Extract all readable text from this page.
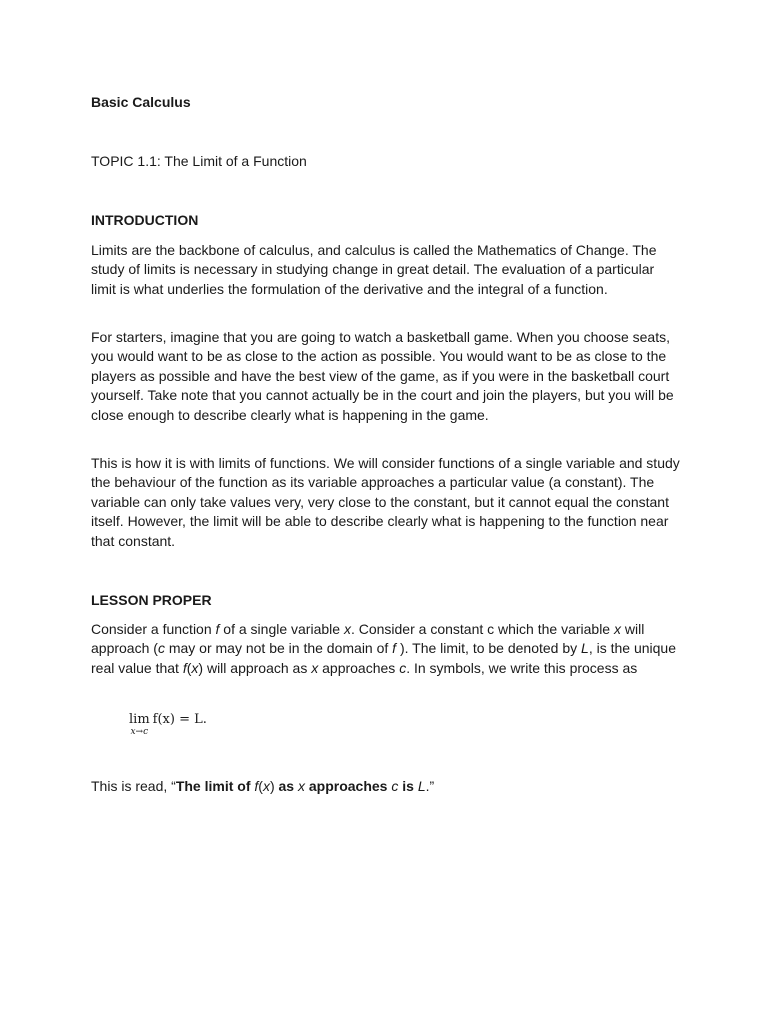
Basic Calculus

TOPIC 1.1: The Limit of a Function

INTRODUCTION

Limits are the backbone of calculus, and calculus is called the Mathematics of Change. The study of limits is necessary in studying change in great detail. The evaluation of a particular limit is what underlies the formulation of the derivative and the integral of a function.

For starters, imagine that you are going to watch a basketball game. When you choose seats, you would want to be as close to the action as possible. You would want to be as close to the players as possible and have the best view of the game, as if you were in the basketball court yourself. Take note that you cannot actually be in the court and join the players, but you will be close enough to describe clearly what is happening in the game.

This is how it is with limits of functions. We will consider functions of a single variable and study the behaviour of the function as its variable approaches a particular value (a constant). The variable can only take values very, very close to the constant, but it cannot equal the constant itself. However, the limit will be able to describe clearly what is happening to the function near that constant.

LESSON PROPER

Consider a function f of a single variable x. Consider a constant c which the variable x will approach (c may or may not be in the domain of f ). The limit, to be denoted by L, is the unique real value that f(x) will approach as x approaches c. In symbols, we write this process as

lim
x→c
f(x) = L.

This is read, “The limit of f(x) as x approaches c is L.”
